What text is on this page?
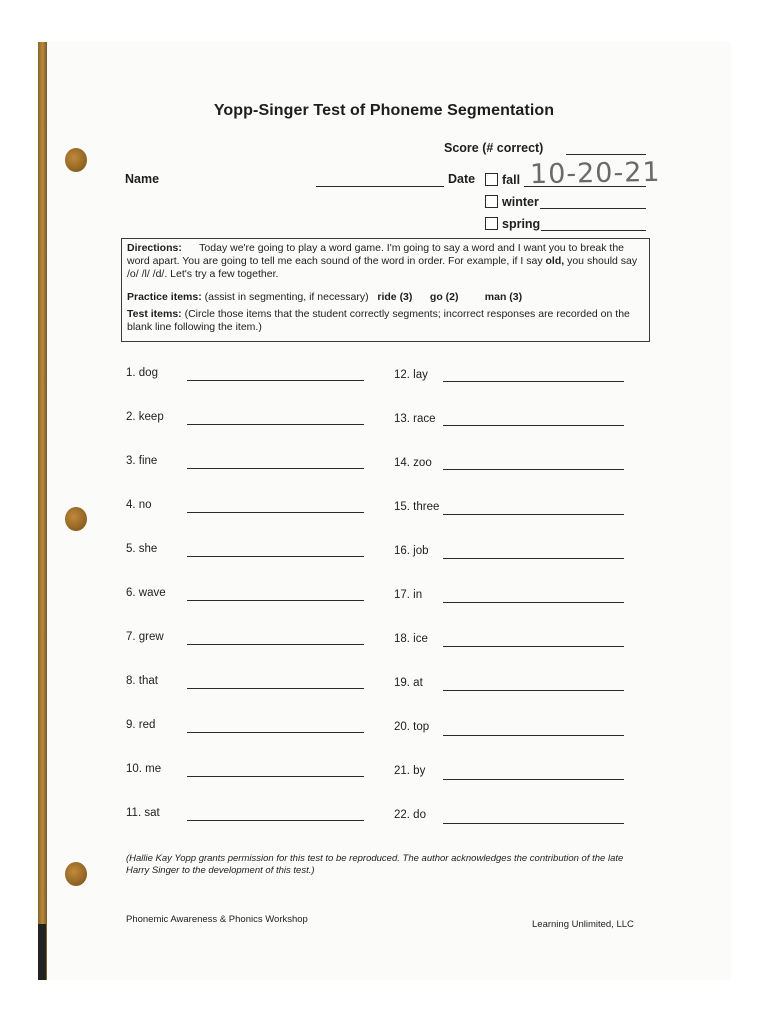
Yopp-Singer Test of Phoneme Segmentation
Score (# correct)
Name	Date fall 10-20-21
winter
spring

Directions: Today we're going to play a word game. I'm going to say a word and I want you to break the word apart. You are going to tell me each sound of the word in order. For example, if I say old, you should say /o/ /l/ /d/. Let's try a few together.

Practice items: (assist in segmenting, if necessary) ride (3) go (2)	man (3)

Test items: (Circle those items that the student correctly segments; incorrect responses are recorded on the blank line following the item.)

1. dog
2. keep
3. fine
4. no
5. she
6. wave
7. grew
8. that
9. red
10. me
11. sat
12. lay
13. race
14. zoo
15. three
16. job
17. in
18. ice
19. at
20. top
21. by
22. do
(Hallie Kay Yopp grants permission for this test to be reproduced. The author acknowledges the contribution of the late Harry Singer to the development of this test.)
Phonemic Awareness & Phonics Workshop	Learning Unlimited, LLC
